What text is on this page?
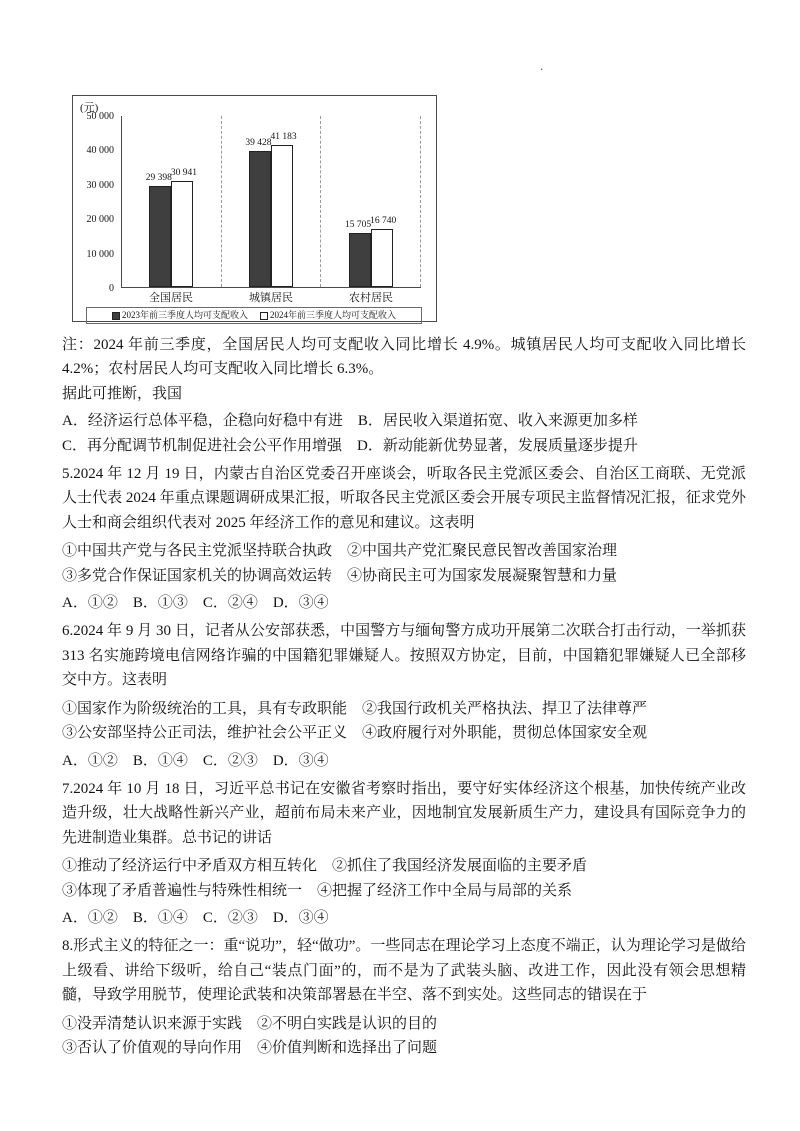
.
(元)
50 000
40 000
30 000
20 000
10 000
0
29 398 30 941
39 428
41 183
15 705 16 740
全国居民	城镇居民	农村居民
2023年前三季度人均可支配收入 2024年前三季度人均可支配收入

注：2024 年前三季度，全国居民人均可支配收入同比增长 4.9%。城镇居民人均可支配收入同比增长 4.2%；农村居民人均可支配收入同比增长 6.3%。

据此可推断，我国

A．经济运行总体平稳，企稳向好稳中有进　B．居民收入渠道拓宽、收入来源更加多样

C．再分配调节机制促进社会公平作用增强　D．新动能新优势显著，发展质量逐步提升

5.2024 年 12 月 19 日，内蒙古自治区党委召开座谈会，听取各民主党派区委会、自治区工商联、无党派人士代表 2024 年重点课题调研成果汇报，听取各民主党派区委会开展专项民主监督情况汇报，征求党外人士和商会组织代表对 2025 年经济工作的意见和建议。这表明

①中国共产党与各民主党派坚持联合执政　②中国共产党汇聚民意民智改善国家治理

③多党合作保证国家机关的协调高效运转　④协商民主可为国家发展凝聚智慧和力量

A．①②　B．①③　C．②④　D．③④

6.2024 年 9 月 30 日，记者从公安部获悉，中国警方与缅甸警方成功开展第二次联合打击行动，一举抓获 313 名实施跨境电信网络诈骗的中国籍犯罪嫌疑人。按照双方协定，目前，中国籍犯罪嫌疑人已全部移交中方。这表明

①国家作为阶级统治的工具，具有专政职能　②我国行政机关严格执法、捍卫了法律尊严

③公安部坚持公正司法，维护社会公平正义　④政府履行对外职能，贯彻总体国家安全观

A．①②　B．①④　C．②③　D．③④

7.2024 年 10 月 18 日，习近平总书记在安徽省考察时指出，要守好实体经济这个根基，加快传统产业改造升级，壮大战略性新兴产业，超前布局未来产业，因地制宜发展新质生产力，建设具有国际竞争力的先进制造业集群。总书记的讲话

①推动了经济运行中矛盾双方相互转化　②抓住了我国经济发展面临的主要矛盾

③体现了矛盾普遍性与特殊性相统一　④把握了经济工作中全局与局部的关系

A．①②　B．①④　C．②③　D．③④

8.形式主义的特征之一：重“说功”，轻“做功”。一些同志在理论学习上态度不端正，认为理论学习是做给上级看、讲给下级听，给自己“装点门面”的，而不是为了武装头脑、改进工作，因此没有领会思想精髓，导致学用脱节，使理论武装和决策部署悬在半空、落不到实处。这些同志的错误在于

①没弄清楚认识来源于实践　②不明白实践是认识的目的

③否认了价值观的导向作用　④价值判断和选择出了问题
